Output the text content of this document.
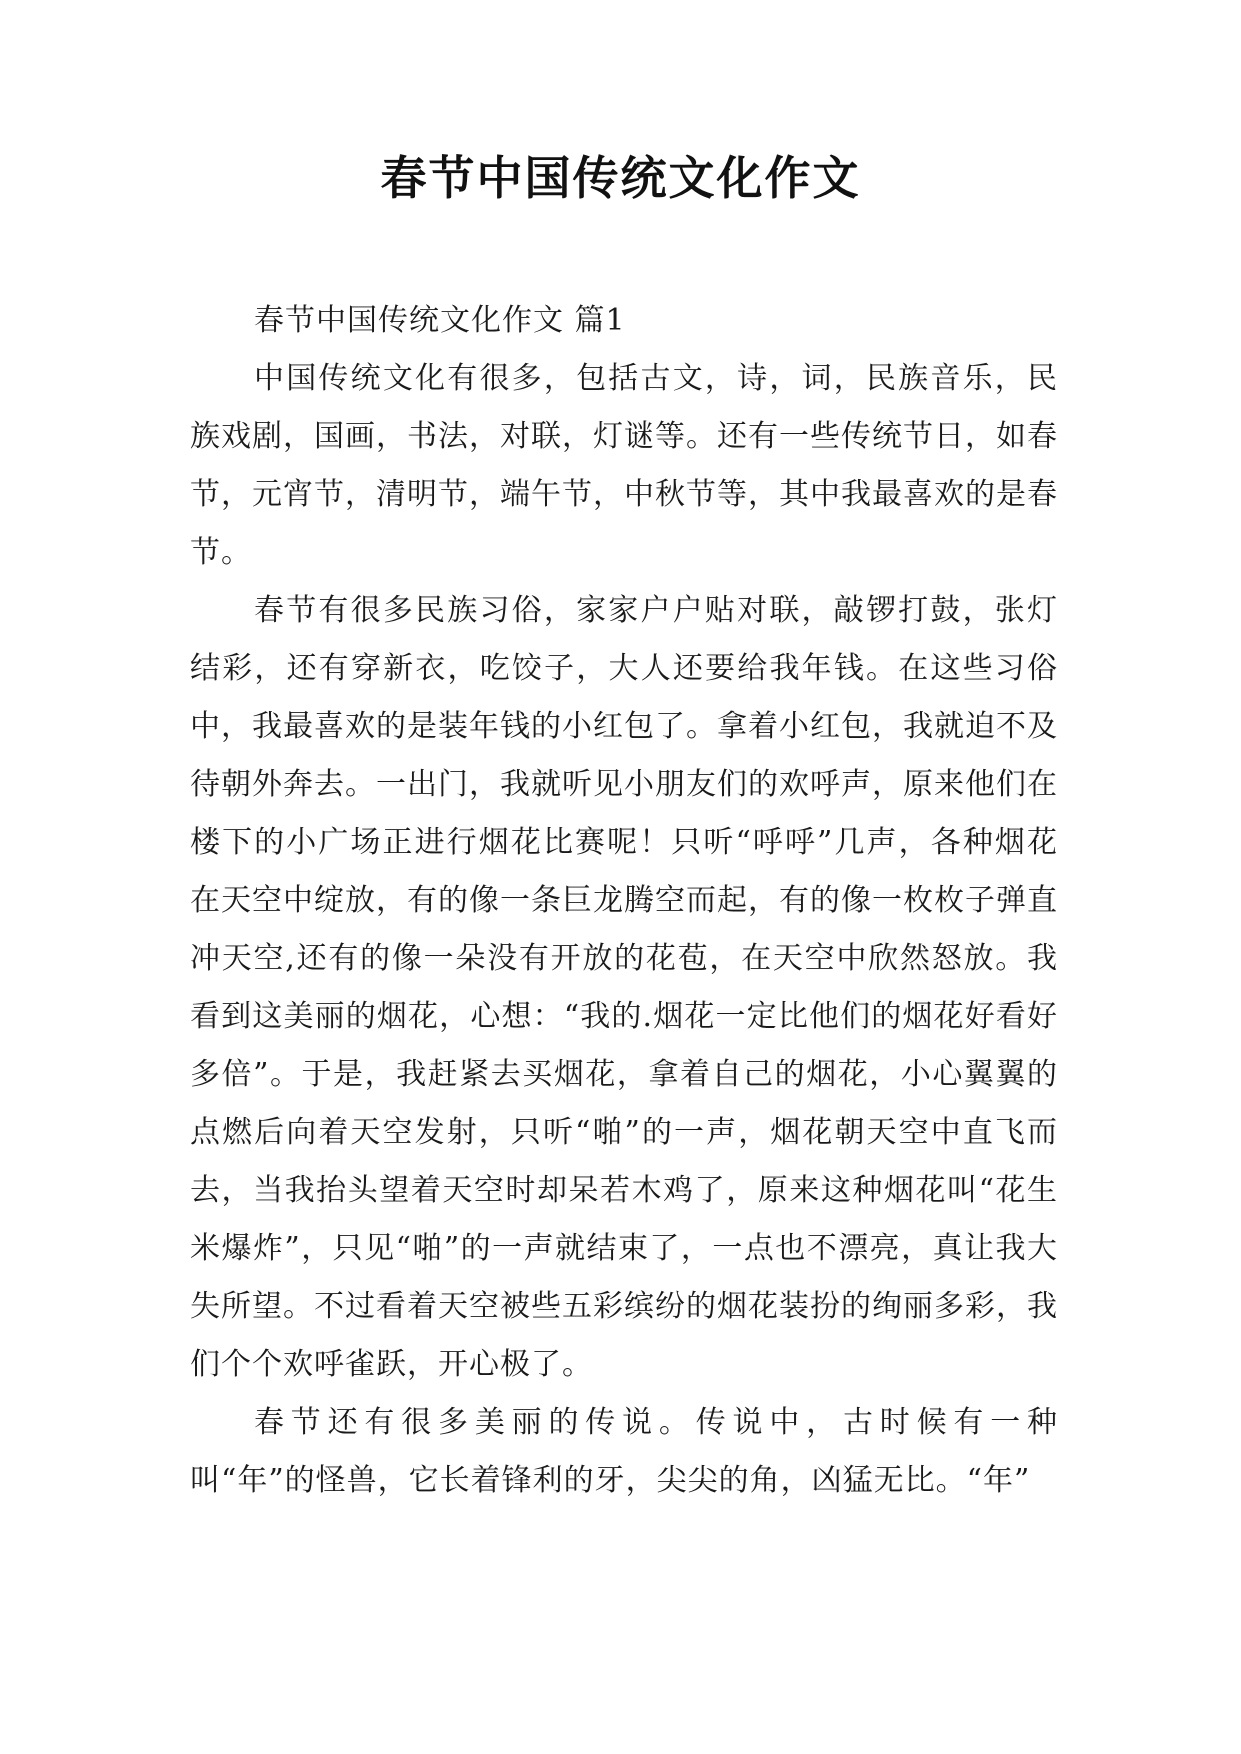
春节中国传统文化作文

春节中国传统文化作文 篇1

中国传统文化有很多，包括古文，诗，词，民族音乐，民族戏剧，国画，书法，对联，灯谜等。还有一些传统节日，如春节，元宵节，清明节，端午节，中秋节等，其中我最喜欢的是春节。

春节有很多民族习俗，家家户户贴对联，敲锣打鼓，张灯结彩，还有穿新衣，吃饺子，大人还要给我年钱。在这些习俗中，我最喜欢的是装年钱的小红包了。拿着小红包，我就迫不及待朝外奔去。一出门，我就听见小朋友们的欢呼声，原来他们在楼下的小广场正进行烟花比赛呢！只听“呼呼”几声，各种烟花在天空中绽放，有的像一条巨龙腾空而起，有的像一枚枚子弹直冲天空,还有的像一朵没有开放的花苞，在天空中欣然怒放。我看到这美丽的烟花，心想：“我的.烟花一定比他们的烟花好看好多倍”。于是，我赶紧去买烟花，拿着自己的烟花，小心翼翼的点燃后向着天空发射，只听“啪”的一声，烟花朝天空中直飞而去，当我抬头望着天空时却呆若木鸡了，原来这种烟花叫“花生米爆炸”，只见“啪”的一声就结束了，一点也不漂亮，真让我大失所望。不过看着天空被些五彩缤纷的烟花装扮的绚丽多彩，我们个个欢呼雀跃，开心极了。

春节还有很多美丽的传说。传说中，古时候有一种叫“年”的怪兽，它长着锋利的牙，尖尖的角，凶猛无比。“年”
